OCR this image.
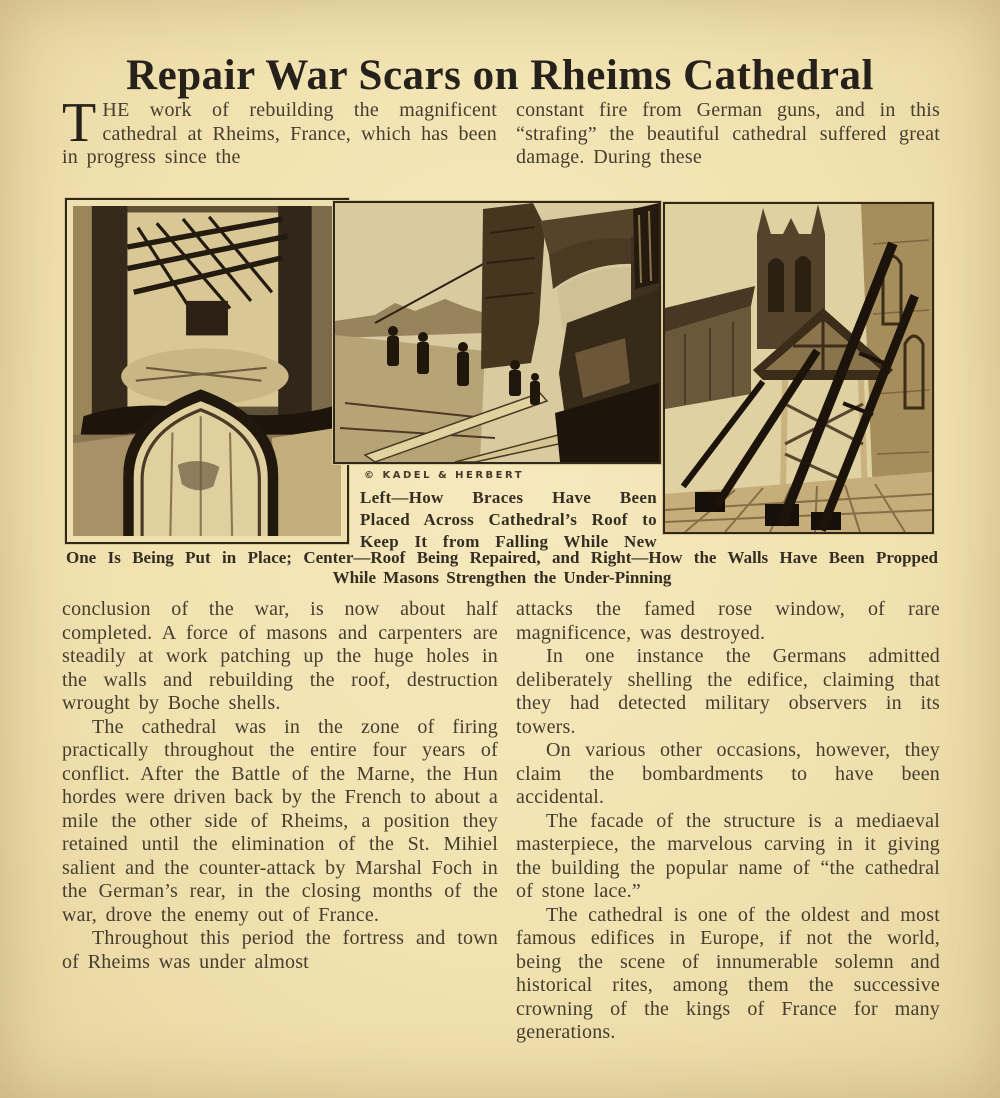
Repair War Scars on Rheims Cathedral

THE work of rebuilding the magnificent cathedral at Rheims, France, which has been in progress since the

constant fire from German guns, and in this “strafing” the beautiful cathedral suffered great damage. During these

© KADEL & HERBERT
Left—How Braces Have Been
Placed Across Cathedral’s Roof to
Keep It from Falling While New
One Is Being Put in Place; Center—Roof Being Repaired, and Right—How the Walls Have Been Propped
While Masons Strengthen the Under-Pinning

conclusion of the war, is now about half completed. A force of masons and carpenters are steadily at work patching up the huge holes in the walls and rebuilding the roof, destruction wrought by Boche shells.

The cathedral was in the zone of firing practically throughout the entire four years of conflict. After the Battle of the Marne, the Hun hordes were driven back by the French to about a mile the other side of Rheims, a position they retained until the elimination of the St. Mihiel salient and the counter-attack by Marshal Foch in the German’s rear, in the closing months of the war, drove the enemy out of France.

Throughout this period the fortress and town of Rheims was under almost

attacks the famed rose window, of rare magnificence, was destroyed.

In one instance the Germans admitted deliberately shelling the edifice, claiming that they had detected military observers in its towers.

On various other occasions, however, they claim the bombardments to have been accidental.

The facade of the structure is a mediaeval masterpiece, the marvelous carving in it giving the building the popular name of “the cathedral of stone lace.”

The cathedral is one of the oldest and most famous edifices in Europe, if not the world, being the scene of innumerable solemn and historical rites, among them the successive crowning of the kings of France for many generations.
